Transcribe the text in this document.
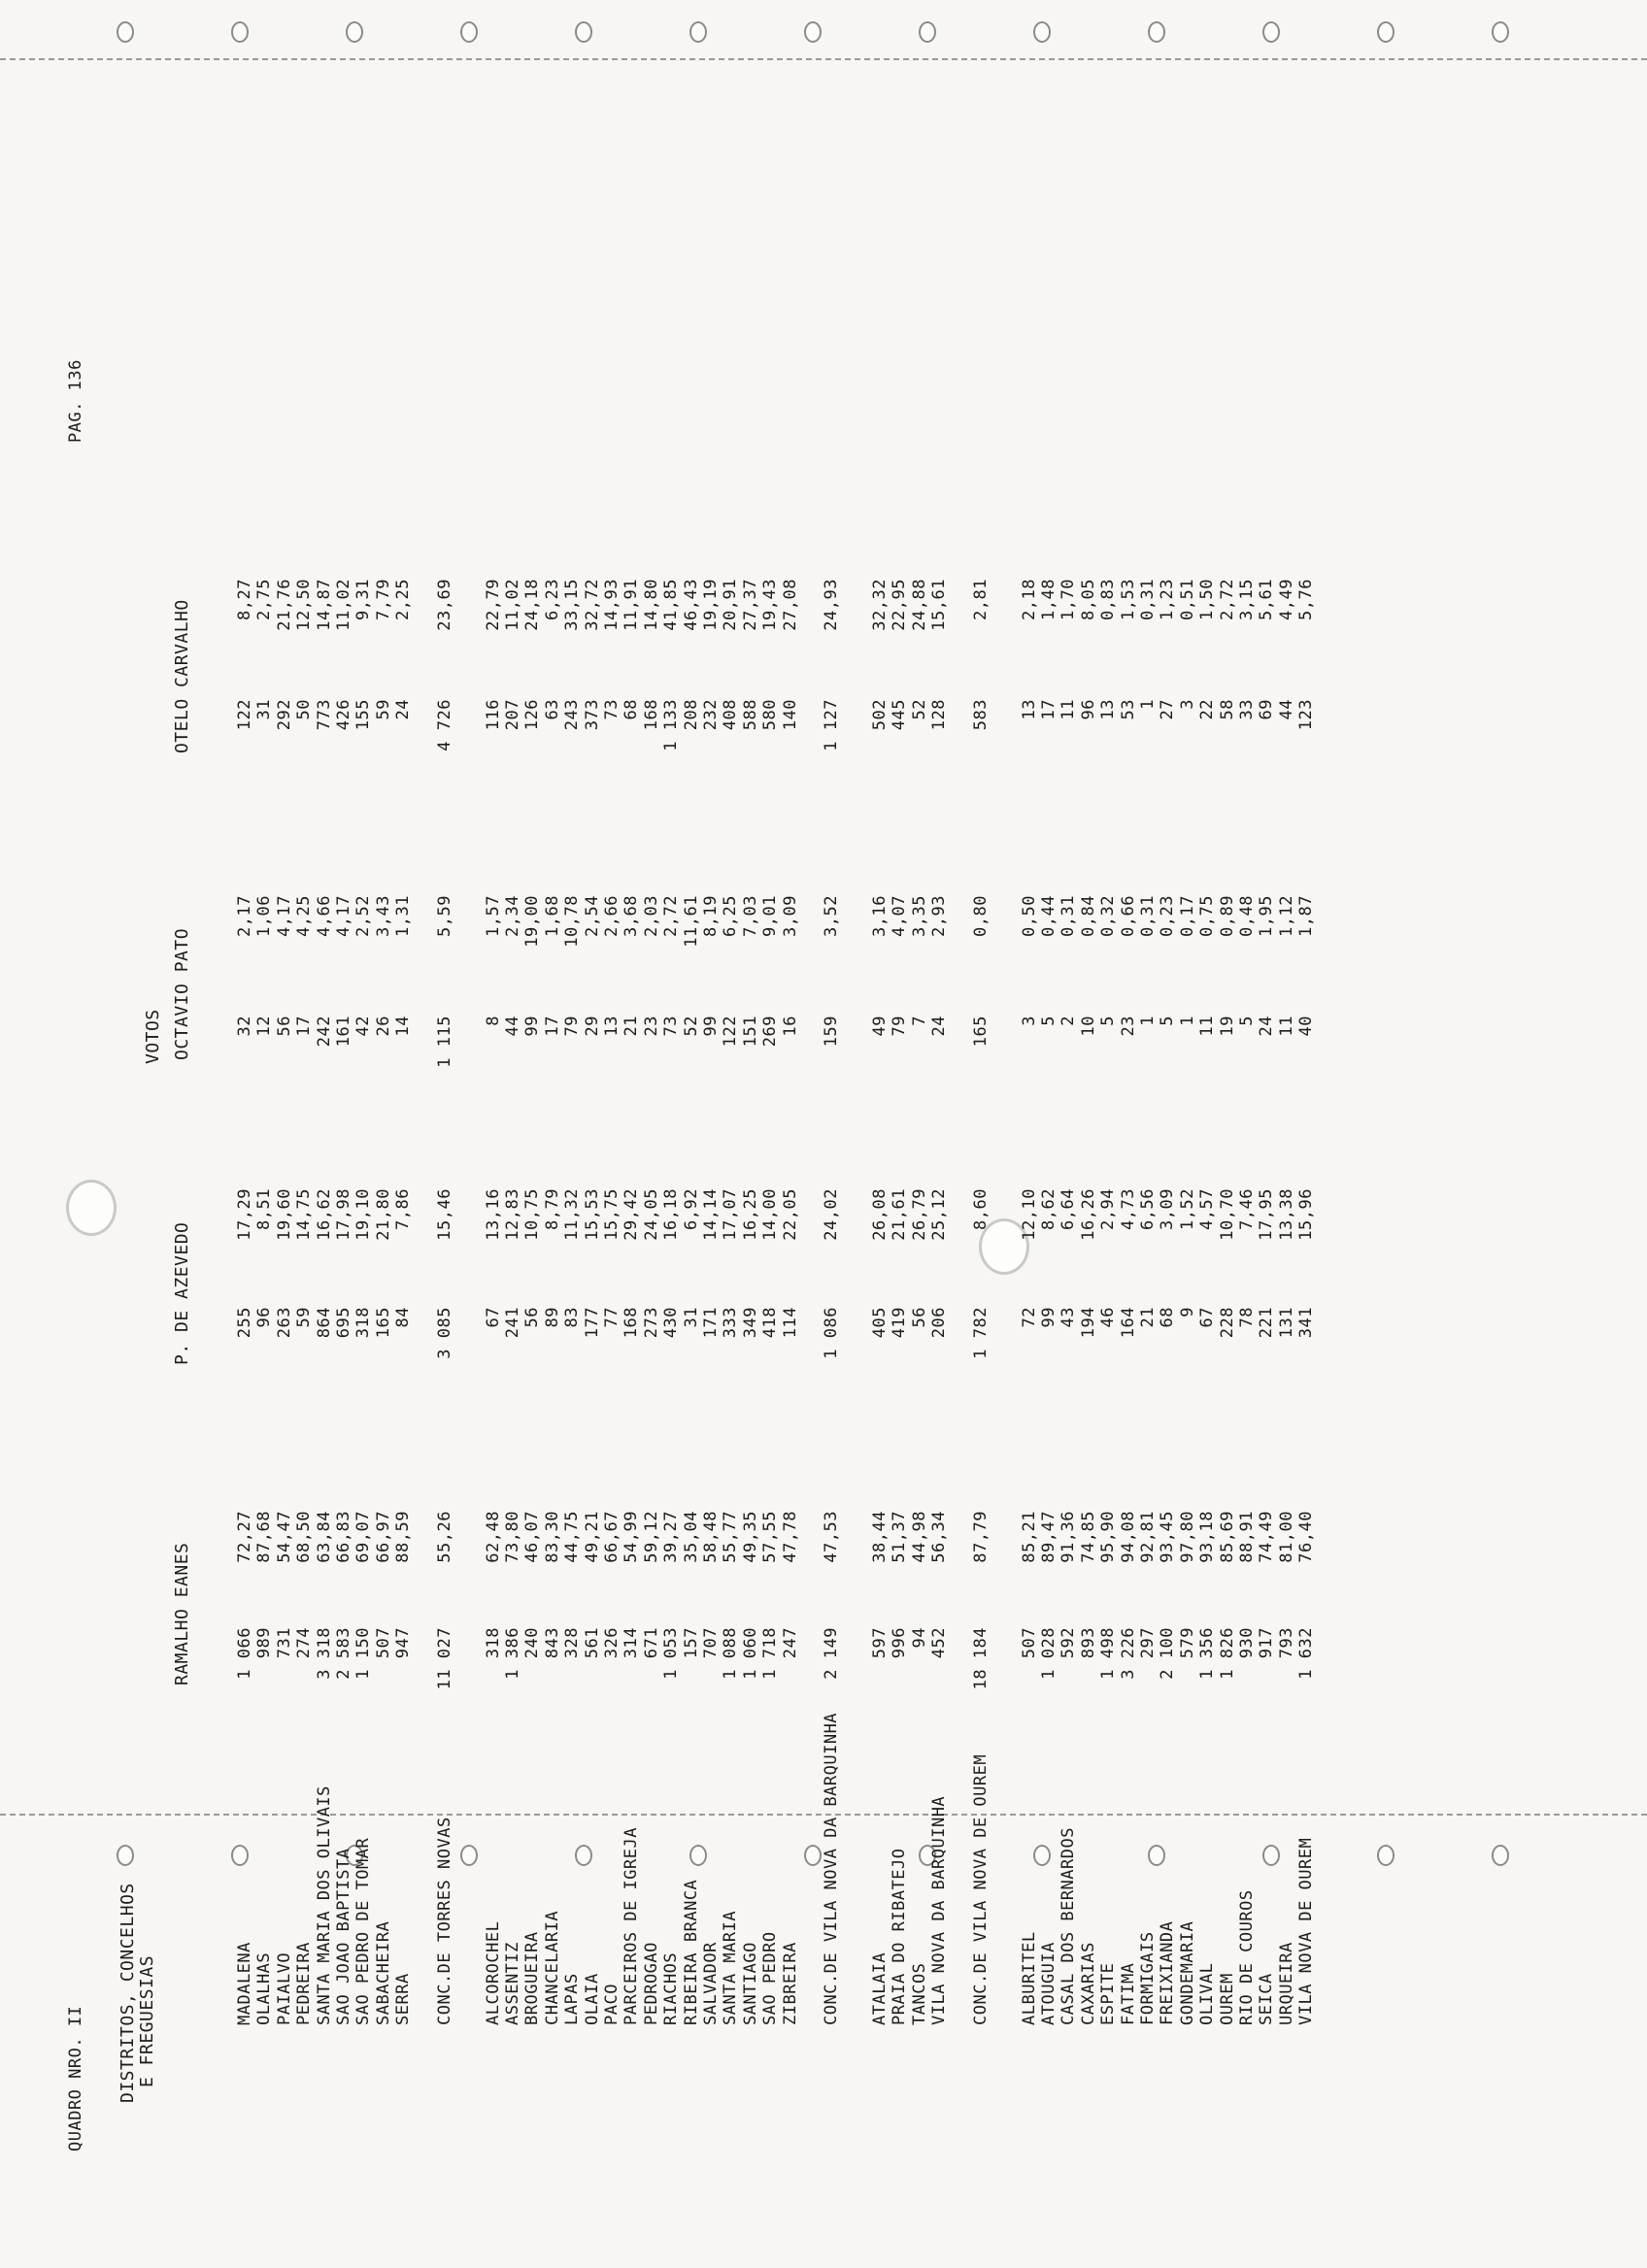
QUADRO NRO. II
PAG. 136
DISTRITOS, CONCELHOS E FREGUESIAS
VOTOS
RAMALHO EANES
P. DE AZEVEDO
OCTAVIO PATO
OTELO CARVALHO
MADALENA
1 066
72,27
255
17,29
32
2,17
122
8,27
OLALHAS
989
87,68
96
8,51
12
1,06
31
2,75
PAIALVO
731
54,47
263
19,60
56
4,17
292
21,76
PEDREIRA
274
68,50
59
14,75
17
4,25
50
12,50
SANTA MARIA DOS OLIVAIS
3 318
63,84
864
16,62
242
4,66
773
14,87
SAO JOAO BAPTISTA
2 583
66,83
695
17,98
161
4,17
426
11,02
SAO PEDRO DE TOMAR
1 150
69,07
318
19,10
42
2,52
155
9,31
SABACHEIRA
507
66,97
165
21,80
26
3,43
59
7,79
SERRA
947
88,59
84
7,86
14
1,31
24
2,25
CONC.DE TORRES NOVAS
11 027
55,26
3 085
15,46
1 115
5,59
4 726
23,69
ALCOROCHEL
318
62,48
67
13,16
8
1,57
116
22,79
ASSENTIZ
1 386
73,80
241
12,83
44
2,34
207
11,02
BROGUEIRA
240
46,07
56
10,75
99
19,00
126
24,18
CHANCELARIA
843
83,30
89
8,79
17
1,68
63
6,23
LAPAS
328
44,75
83
11,32
79
10,78
243
33,15
OLAIA
561
49,21
177
15,53
29
2,54
373
32,72
PACO
326
66,67
77
15,75
13
2,66
73
14,93
PARCEIROS DE IGREJA
314
54,99
168
29,42
21
3,68
68
11,91
PEDROGAO
671
59,12
273
24,05
23
2,03
168
14,80
RIACHOS
1 053
39,27
430
16,18
73
2,72
1 133
41,85
RIBEIRA BRANCA
157
35,04
31
6,92
52
11,61
208
46,43
SALVADOR
707
58,48
171
14,14
99
8,19
232
19,19
SANTA MARIA
1 088
55,77
333
17,07
122
6,25
408
20,91
SANTIAGO
1 060
49,35
349
16,25
151
7,03
588
27,37
SAO PEDRO
1 718
57,55
418
14,00
269
9,01
580
19,43
ZIBREIRA
247
47,78
114
22,05
16
3,09
140
27,08
CONC.DE VILA NOVA DA BARQUINHA
2 149
47,53
1 086
24,02
159
3,52
1 127
24,93
ATALAIA
597
38,44
405
26,08
49
3,16
502
32,32
PRAIA DO RIBATEJO
996
51,37
419
21,61
79
4,07
445
22,95
TANCOS
94
44,98
56
26,79
7
3,35
52
24,88
VILA NOVA DA BARQUINHA
452
56,34
206
25,12
24
2,93
128
15,61
CONC.DE VILA NOVA DE OUREM
18 184
87,79
1 782
8,60
165
0,80
583
2,81
ALBURITEL
507
85,21
72
12,10
3
0,50
13
2,18
ATOUGUIA
1 028
89,47
99
8,62
5
0,44
17
1,48
CASAL DOS BERNARDOS
592
91,36
43
6,64
2
0,31
11
1,70
CAXARIAS
893
74,85
194
16,26
10
0,84
96
8,05
ESPITE
1 498
95,90
46
2,94
5
0,32
13
0,83
FATIMA
3 226
94,08
164
4,73
23
0,66
53
1,53
FORMIGAIS
297
92,81
21
6,56
1
0,31
1
0,31
FREIXIANDA
2 100
93,45
68
3,09
5
0,23
27
1,23
GONDEMARIA
579
97,80
9
1,52
1
0,17
3
0,51
OLIVAL
1 356
93,18
67
4,57
11
0,75
22
1,50
OUREM
1 826
85,69
228
10,70
19
0,89
58
2,72
RIO DE COUROS
930
88,91
78
7,46
5
0,48
33
3,15
SEICA
917
74,49
221
17,95
24
1,95
69
5,61
URQUEIRA
793
81,00
131
13,38
11
1,12
44
4,49
VILA NOVA DE OUREM
1 632
76,40
341
15,96
40
1,87
123
5,76
